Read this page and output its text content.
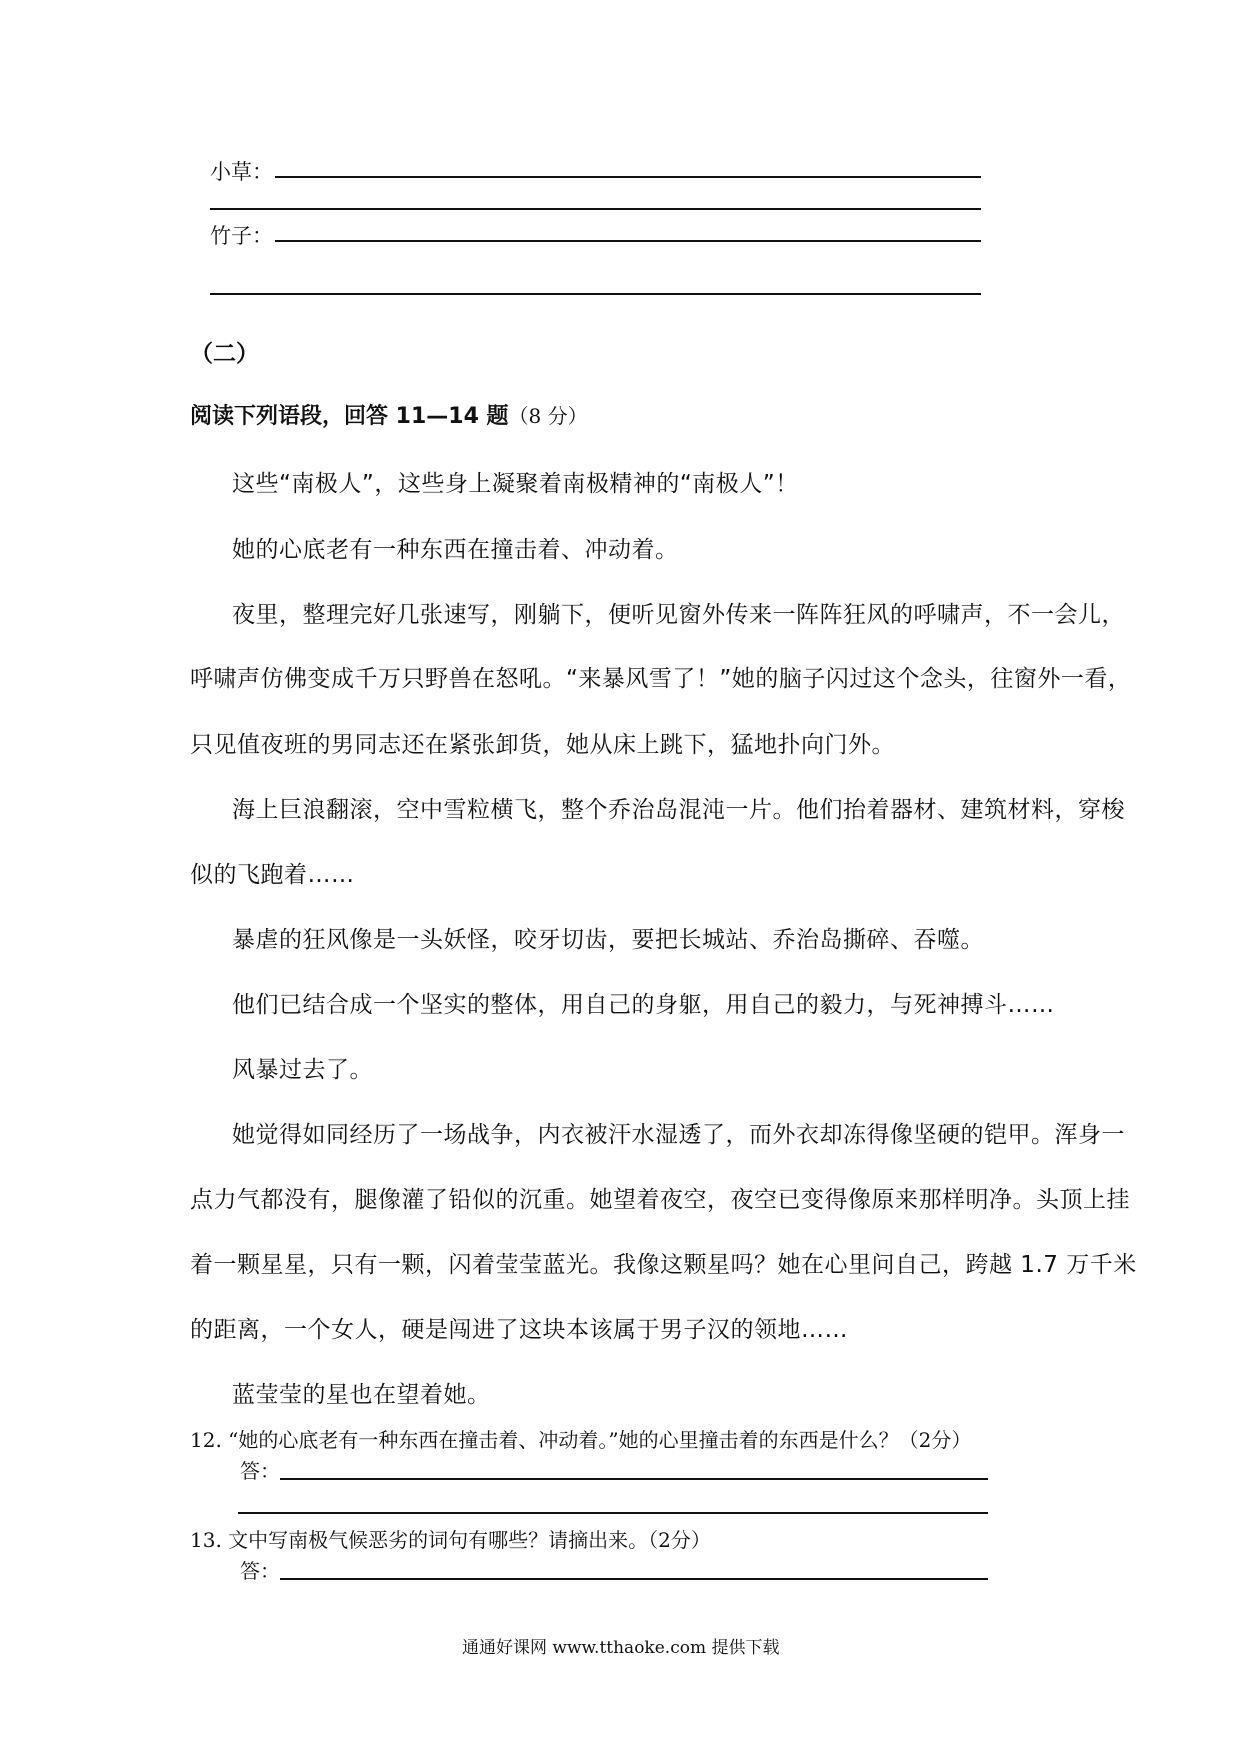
小草：
竹子：
（二）
阅读下列语段，回答 11—14 题（8 分）
这些“南极人”，这些身上凝聚着南极精神的“南极人”！
她的心底老有一种东西在撞击着、冲动着。
夜里，整理完好几张速写，刚躺下，便听见窗外传来一阵阵狂风的呼啸声，不一会儿，
呼啸声仿佛变成千万只野兽在怒吼。“来暴风雪了！”她的脑子闪过这个念头，往窗外一看，
只见值夜班的男同志还在紧张卸货，她从床上跳下，猛地扑向门外。
海上巨浪翻滚，空中雪粒横飞，整个乔治岛混沌一片。他们抬着器材、建筑材料，穿梭
似的飞跑着……
暴虐的狂风像是一头妖怪，咬牙切齿，要把长城站、乔治岛撕碎、吞噬。
他们已结合成一个坚实的整体，用自己的身躯，用自己的毅力，与死神搏斗……
风暴过去了。
她觉得如同经历了一场战争，内衣被汗水湿透了，而外衣却冻得像坚硬的铠甲。浑身一
点力气都没有，腿像灌了铅似的沉重。她望着夜空，夜空已变得像原来那样明净。头顶上挂
着一颗星星，只有一颗，闪着莹莹蓝光。我像这颗星吗？她在心里问自己，跨越 1.7 万千米
的距离，一个女人，硬是闯进了这块本该属于男子汉的领地……
蓝莹莹的星也在望着她。
12. “她的心底老有一种东西在撞击着、冲动着。”她的心里撞击着的东西是什么？（2分）
答：
13. 文中写南极气候恶劣的词句有哪些？请摘出来。（2分）
答：
通通好课网 www.tthaoke.com 提供下载
